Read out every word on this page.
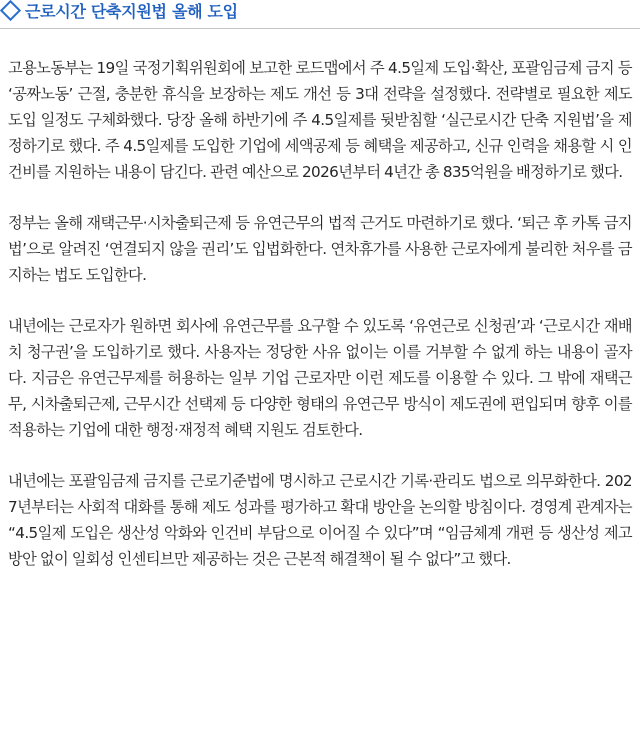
근로시간 단축지원법 올해 도입

고용노동부는 19일 국정기획위원회에 보고한 로드맵에서 주 4.5일제 도입·확산, 포괄임금제 금지 등 ‘공짜노동’ 근절, 충분한 휴식을 보장하는 제도 개선 등 3대 전략을 설정했다. 전략별로 필요한 제도 도입 일정도 구체화했다. 당장 올해 하반기에 주 4.5일제를 뒷받침할 ‘실근로시간 단축 지원법’을 제정하기로 했다. 주 4.5일제를 도입한 기업에 세액공제 등 혜택을 제공하고, 신규 인력을 채용할 시 인건비를 지원하는 내용이 담긴다. 관련 예산으로 2026년부터 4년간 총 835억원을 배정하기로 했다.

정부는 올해 재택근무·시차출퇴근제 등 유연근무의 법적 근거도 마련하기로 했다. ‘퇴근 후 카톡 금지법’으로 알려진 ‘연결되지 않을 권리’도 입법화한다. 연차휴가를 사용한 근로자에게 불리한 처우를 금지하는 법도 도입한다.

내년에는 근로자가 원하면 회사에 유연근무를 요구할 수 있도록 ‘유연근로 신청권’과 ‘근로시간 재배치 청구권’을 도입하기로 했다. 사용자는 정당한 사유 없이는 이를 거부할 수 없게 하는 내용이 골자다. 지금은 유연근무제를 허용하는 일부 기업 근로자만 이런 제도를 이용할 수 있다. 그 밖에 재택근무, 시차출퇴근제, 근무시간 선택제 등 다양한 형태의 유연근무 방식이 제도권에 편입되며 향후 이를 적용하는 기업에 대한 행정·재정적 혜택 지원도 검토한다.

내년에는 포괄임금제 금지를 근로기준법에 명시하고 근로시간 기록·관리도 법으로 의무화한다. 2027년부터는 사회적 대화를 통해 제도 성과를 평가하고 확대 방안을 논의할 방침이다. 경영계 관계자는 “4.5일제 도입은 생산성 악화와 인건비 부담으로 이어질 수 있다”며 “임금체계 개편 등 생산성 제고 방안 없이 일회성 인센티브만 제공하는 것은 근본적 해결책이 될 수 없다”고 했다.
